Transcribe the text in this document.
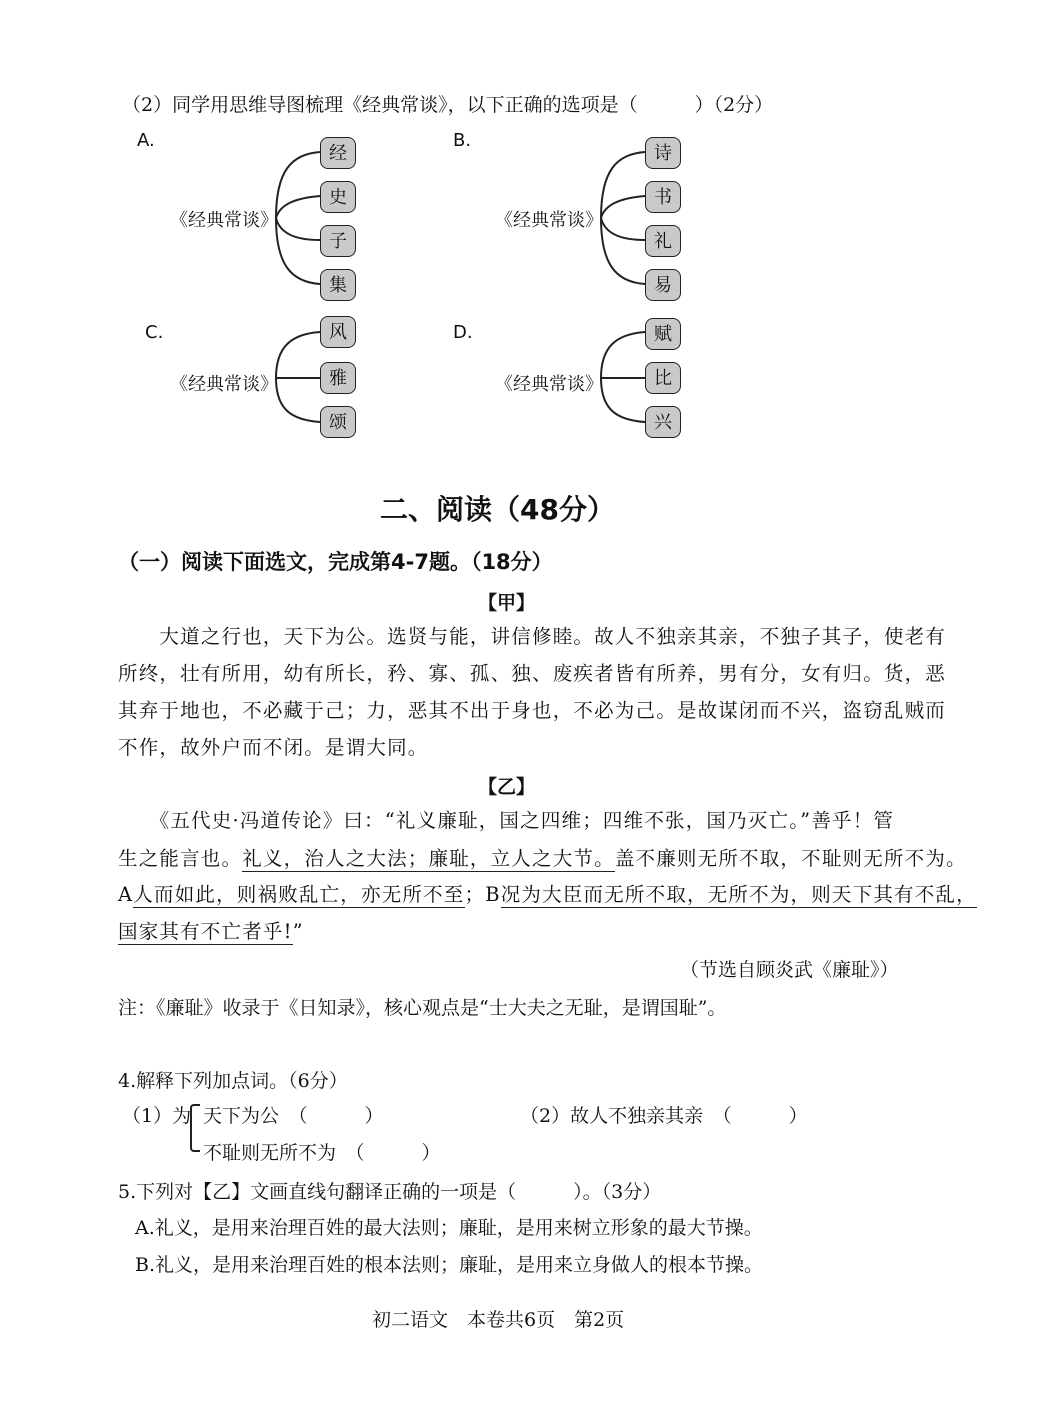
（2）同学用思维导图梳理《经典常谈》，以下正确的选项是（　　　）（2分）
A.
《经典常谈》
经
史
子
集
B.
《经典常谈》
诗
书
礼
易
C.
《经典常谈》
风
雅
颂
D.
《经典常谈》
赋
比
兴
二、阅读（48分）
（一）阅读下面选文，完成第4-7题。（18分）
【甲】
　　大道之行也，天下为公。选贤与能，讲信修睦。故人不独亲其亲，不独子其子，使老有
所终，壮有所用，幼有所长，矜、寡、孤、独、废疾者皆有所养，男有分，女有归。货，恶
其弃于地也，不必藏于己；力，恶其不出于身也，不必为己。是故谋闭而不兴，盗窃乱贼而
不作，故外户而不闭。是谓大同。
【乙】
　　《五代史·冯道传论》曰：“礼义廉耻，国之四维；四维不张，国乃灭亡。”善乎！管
生之能言也。礼义，治人之大法；廉耻，立人之大节。盖不廉则无所不取，不耻则无所不为。
A人而如此，则祸败乱亡，亦无所不至；B况为大臣而无所不取，无所不为，则天下其有不乱，
国家其有不亡者乎!”
（节选自顾炎武《廉耻》）
注：《廉耻》收录于《日知录》，核心观点是“士大夫之无耻，是谓国耻”。
4.解释下列加点词。（6分）
（1）为 天下为公　（　　　）
不耻则无所不为　（　　　）
（2）故人不独亲其亲　（　　　）
5.下列对【乙】文画直线句翻译正确的一项是（　　　）。（3分）
A.礼义，是用来治理百姓的最大法则；廉耻，是用来树立形象的最大节操。
B.礼义，是用来治理百姓的根本法则；廉耻，是用来立身做人的根本节操。
初二语文　本卷共6页　第2页
